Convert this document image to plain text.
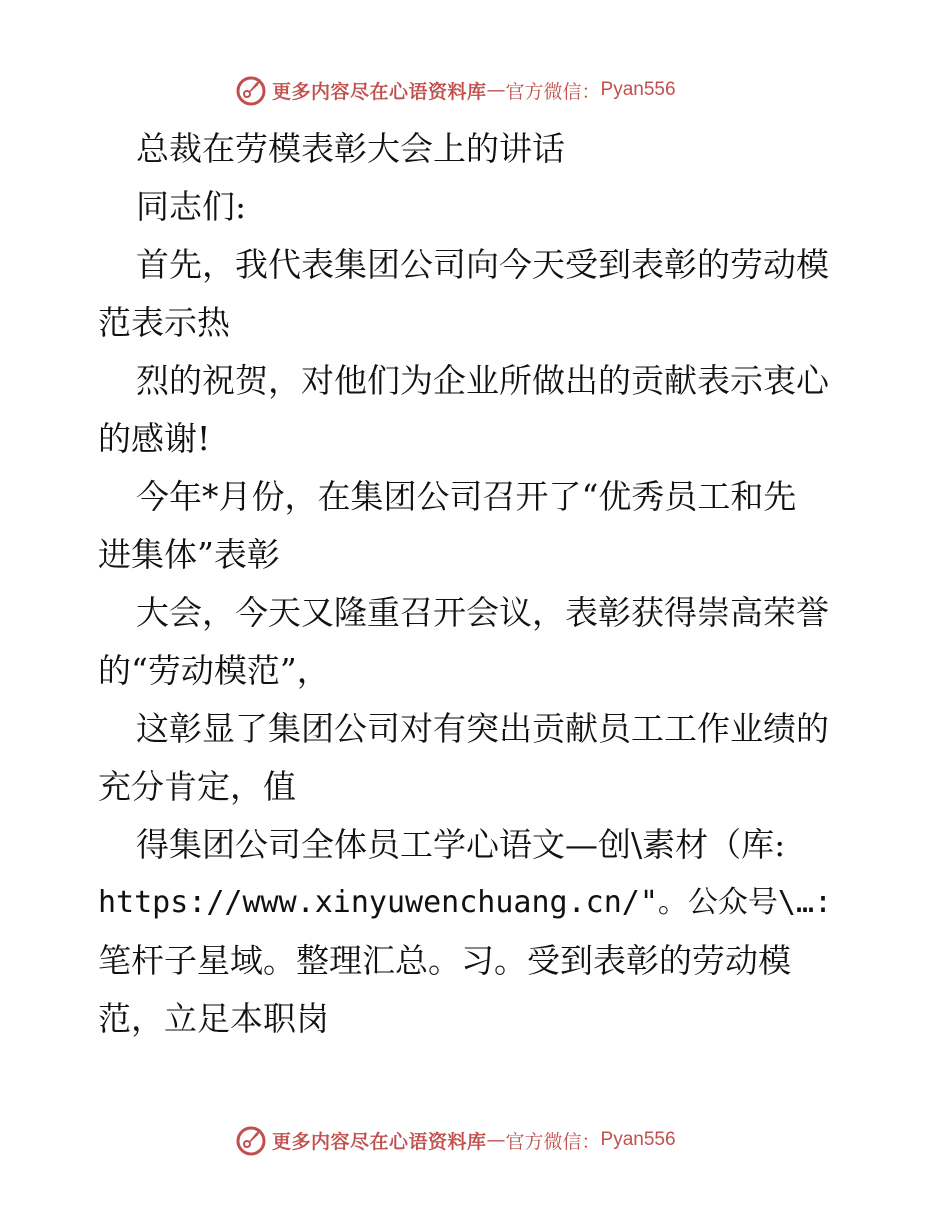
更多内容尽在心语资料库 — 官方微信： Pyan556
总裁在劳模表彰大会上的讲话
同志们:
首先，我代表集团公司向今天受到表彰的劳动模
范表示热
烈的祝贺，对他们为企业所做出的贡献表示衷心
的感谢!
今年*月份，在集团公司召开了“优秀员工和先
进集体”表彰
大会，今天又隆重召开会议，表彰获得崇高荣誉
的“劳动模范”，
这彰显了集团公司对有突出贡献员工工作业绩的
充分肯定，值
得集团公司全体员工学心语文—创\素材（库:
https://www.xinyuwenchuang.cn/"。公众号\…:
笔杆子星域。整理汇总。习。受到表彰的劳动模
范，立足本职岗
更多内容尽在心语资料库 — 官方微信： Pyan556
